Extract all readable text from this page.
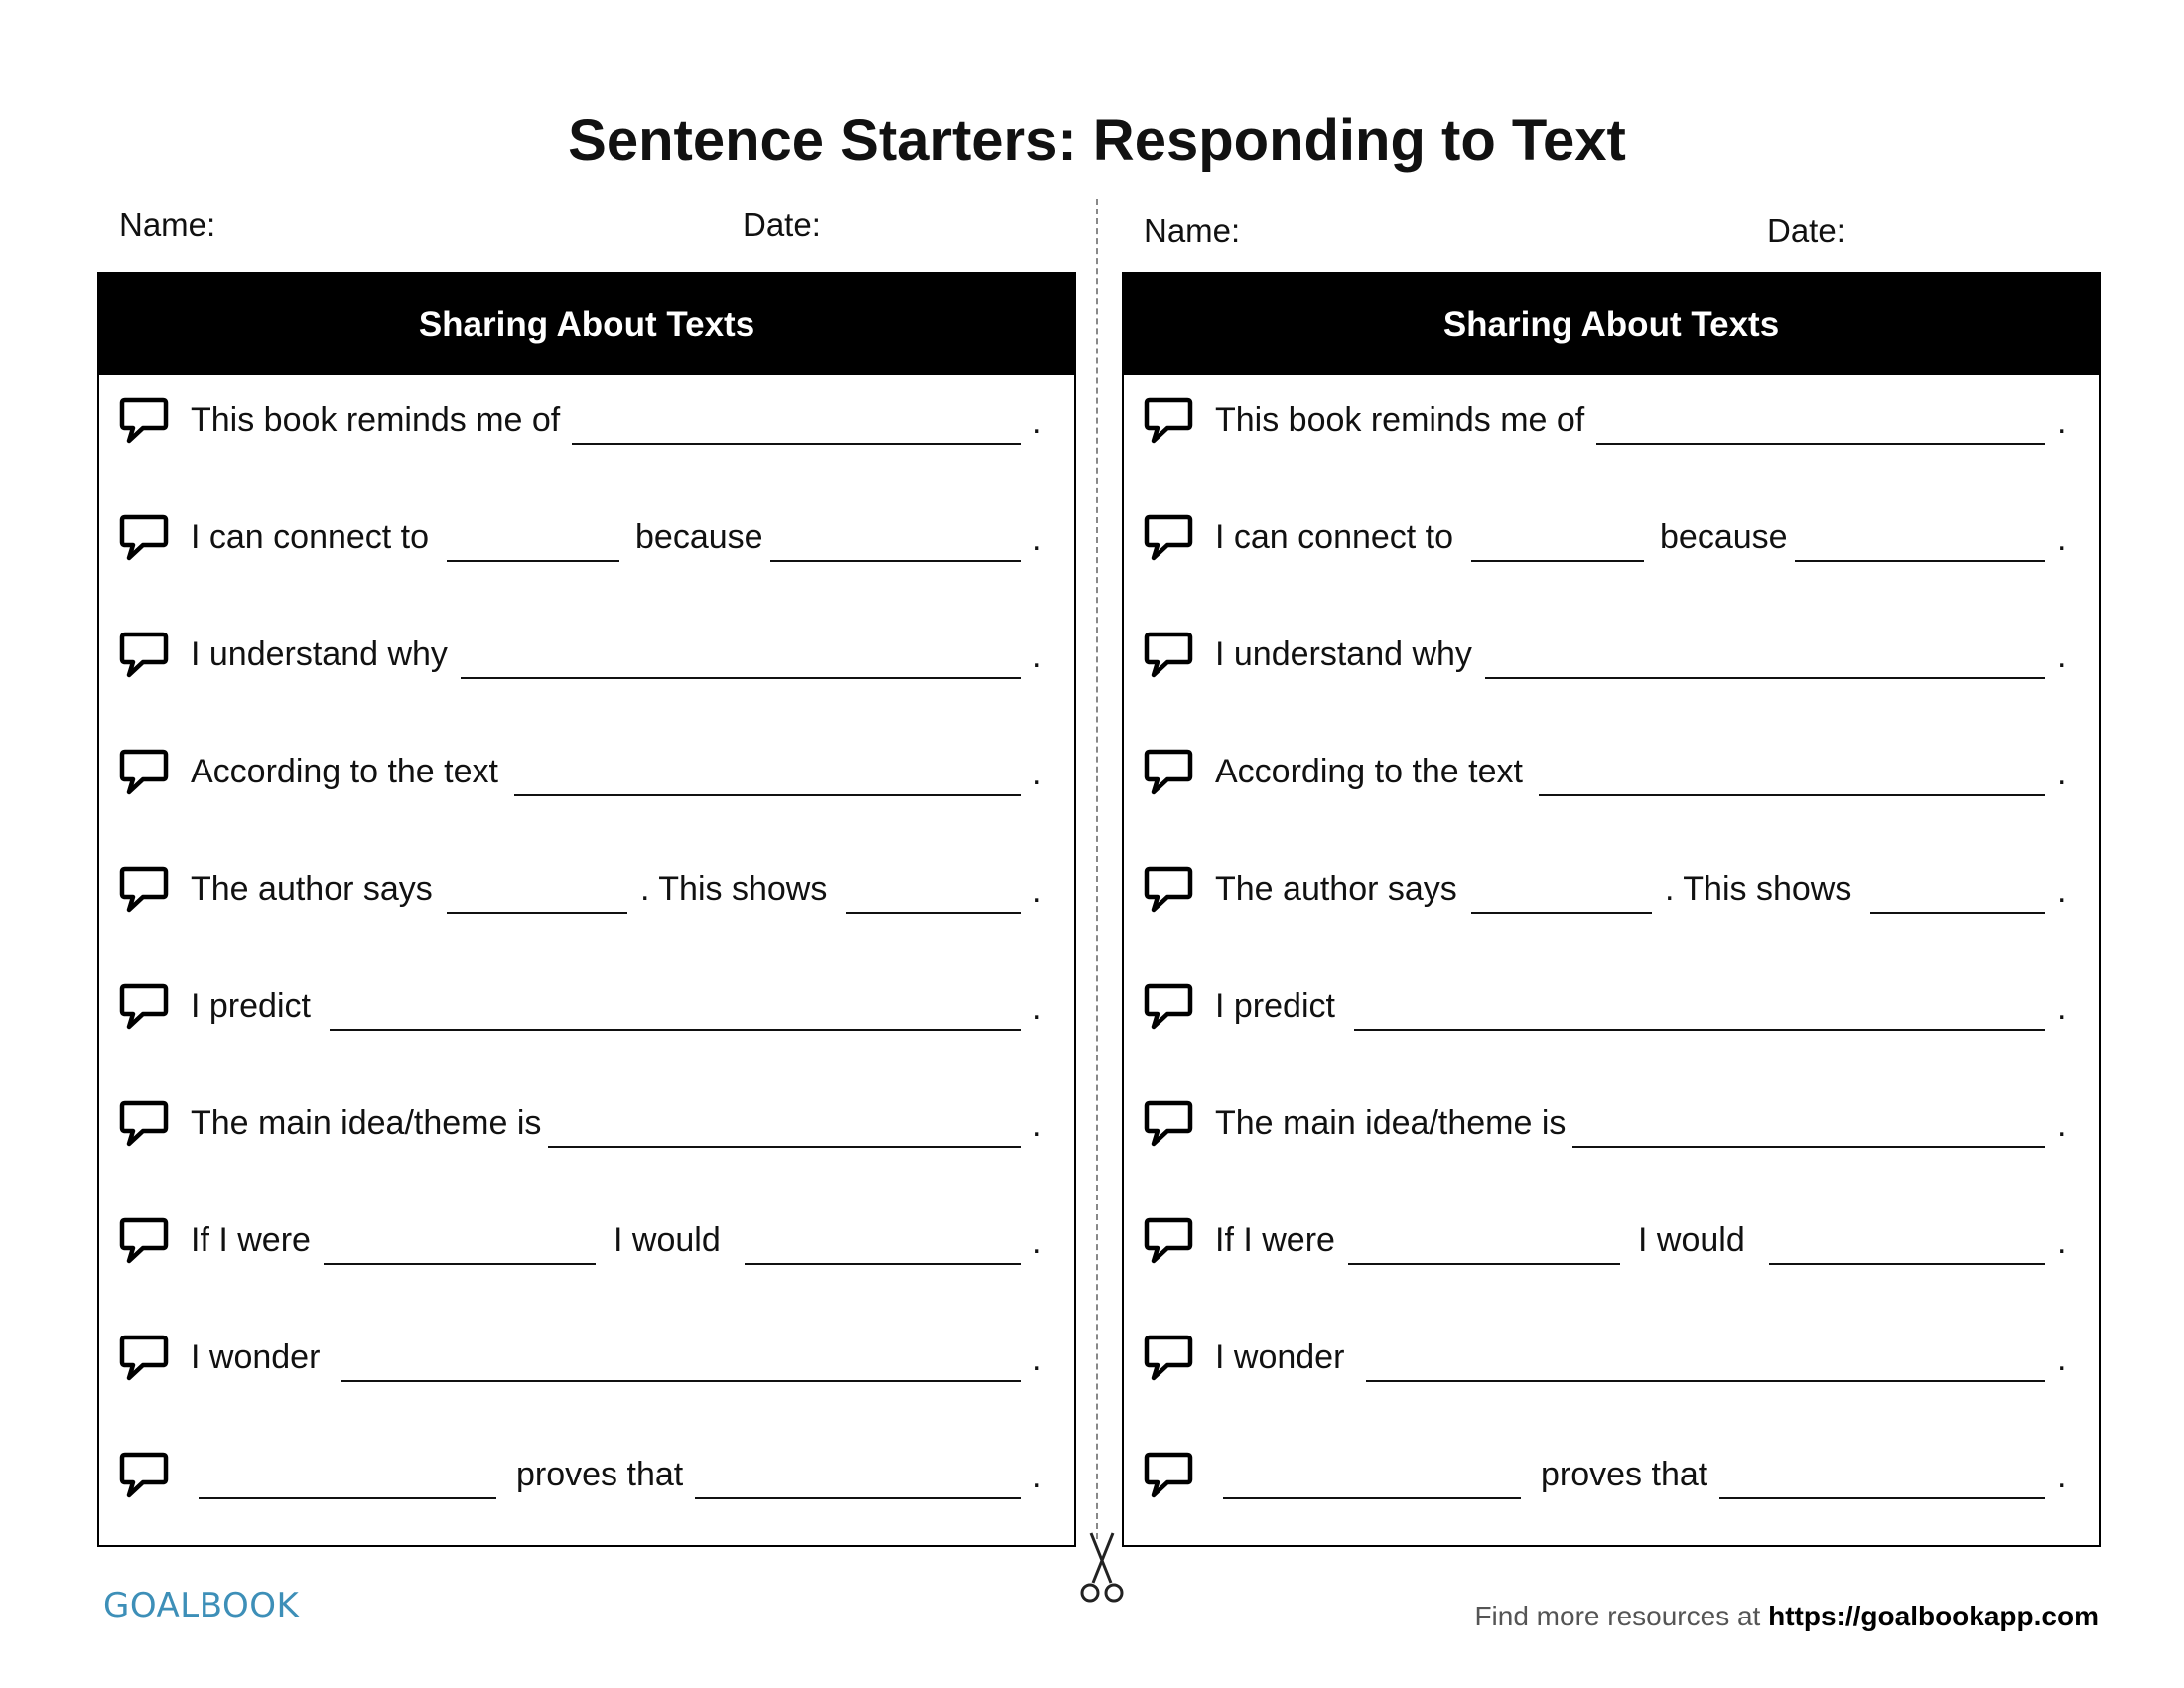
Sentence Starters: Responding to Text
GOALBOOK	Find more resources at https://goalbookapp.com
Name:	Date:
Sharing About Texts
This book reminds me of	.
I can connect to	because	.
I understand why	.
According to the text	.
The author says	. This shows	.
I predict	.
The main idea/theme is	.
If I were	I would	.
I wonder	.
proves that	.
Name:	Date:
Sharing About Texts
This book reminds me of	.
I can connect to	because	.
I understand why	.
According to the text	.
The author says	. This shows	.
I predict	.
The main idea/theme is	.
If I were	I would	.
I wonder	.
proves that	.
